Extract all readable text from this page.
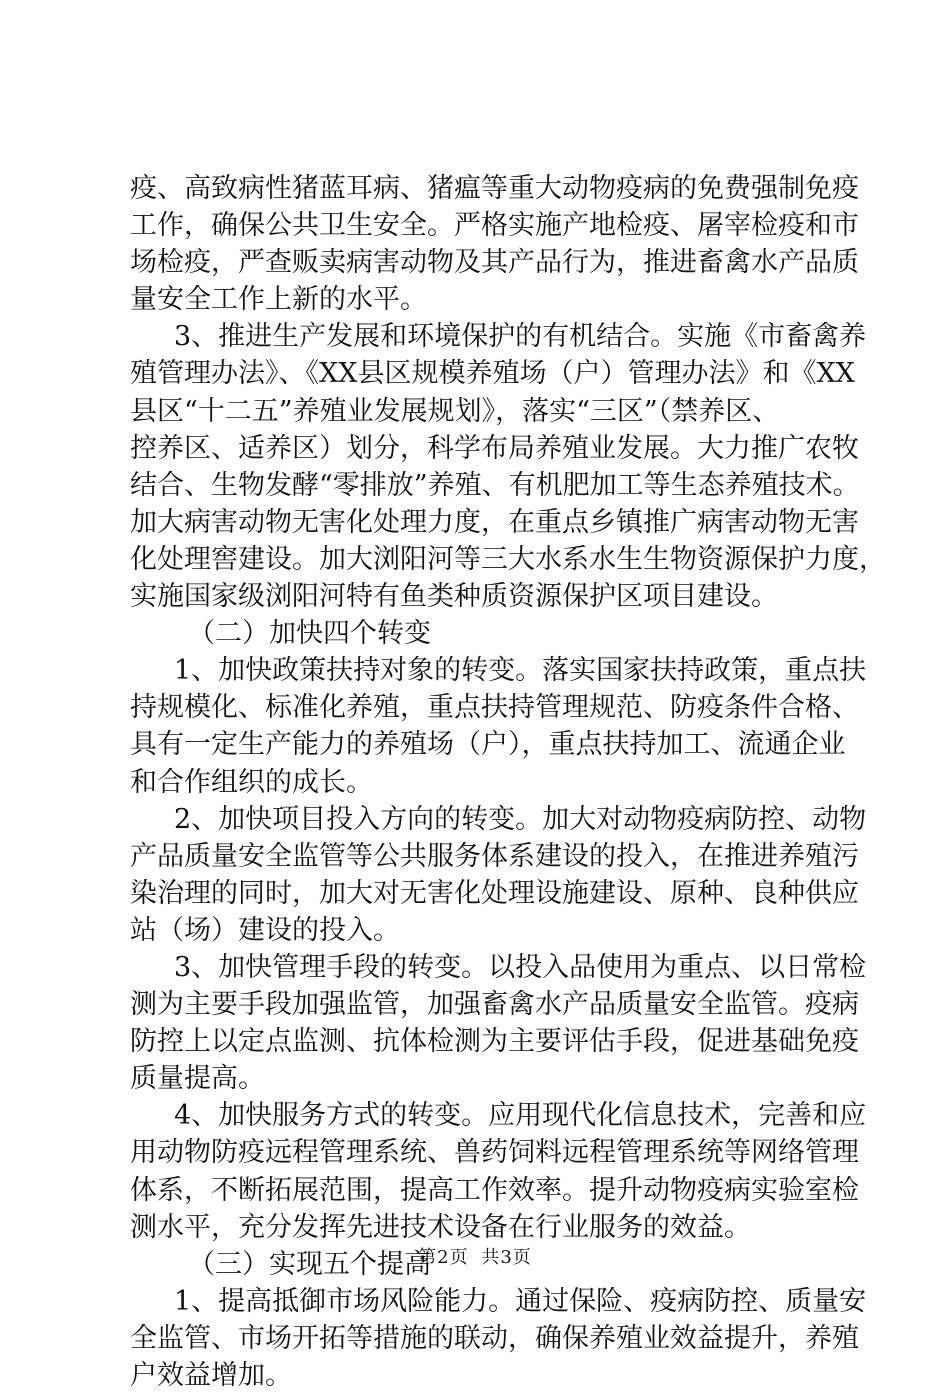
疫、高致病性猪蓝耳病、猪瘟等重大动物疫病的免费强制免疫
工作，确保公共卫生安全。严格实施产地检疫、屠宰检疫和市
场检疫，严查贩卖病害动物及其产品行为，推进畜禽水产品质
量安全工作上新的水平。
3、推进生产发展和环境保护的有机结合。实施《市畜禽养
殖管理办法》、《XX县区规模养殖场（户）管理办法》和《XX
县区“十二五”养殖业发展规划》，落实“三区”（禁养区、
控养区、适养区）划分，科学布局养殖业发展。大力推广农牧
结合、生物发酵“零排放”养殖、有机肥加工等生态养殖技术。
加大病害动物无害化处理力度，在重点乡镇推广病害动物无害
化处理窖建设。加大浏阳河等三大水系水生生物资源保护力度，
实施国家级浏阳河特有鱼类种质资源保护区项目建设。
（二）加快四个转变
1、加快政策扶持对象的转变。落实国家扶持政策，重点扶
持规模化、标准化养殖，重点扶持管理规范、防疫条件合格、
具有一定生产能力的养殖场（户），重点扶持加工、流通企业
和合作组织的成长。
2、加快项目投入方向的转变。加大对动物疫病防控、动物
产品质量安全监管等公共服务体系建设的投入，在推进养殖污
染治理的同时，加大对无害化处理设施建设、原种、良种供应
站（场）建设的投入。
3、加快管理手段的转变。以投入品使用为重点、以日常检
测为主要手段加强监管，加强畜禽水产品质量安全监管。疫病
防控上以定点监测、抗体检测为主要评估手段，促进基础免疫
质量提高。
4、加快服务方式的转变。应用现代化信息技术，完善和应
用动物防疫远程管理系统、兽药饲料远程管理系统等网络管理
体系，不断拓展范围，提高工作效率。提升动物疫病实验室检
测水平，充分发挥先进技术设备在行业服务的效益。
（三）实现五个提高
1、提高抵御市场风险能力。通过保险、疫病防控、质量安
全监管、市场开拓等措施的联动，确保养殖业效益提升，养殖
户效益增加。
第2页 共3页
